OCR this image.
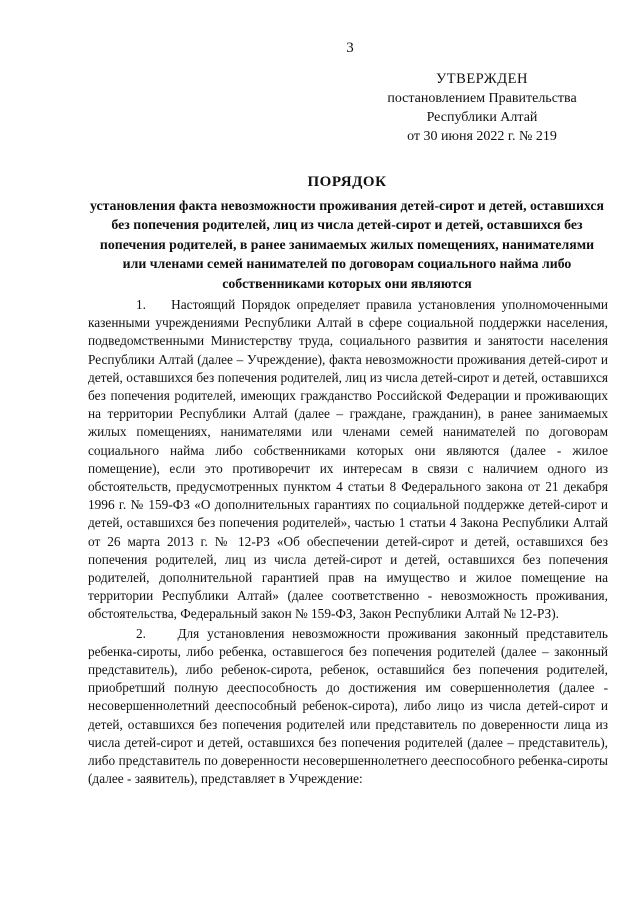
3
УТВЕРЖДЕН
постановлением Правительства
Республики Алтай
от 30 июня 2022 г. № 219
ПОРЯДОК
установления факта невозможности проживания детей-сирот и детей, оставшихся без попечения родителей, лиц из числа детей-сирот и детей, оставшихся без попечения родителей, в ранее занимаемых жилых помещениях, нанимателями или членами семей нанимателей по договорам социального найма либо собственниками которых они являются

1.    Настоящий Порядок определяет правила установления уполномоченными казенными учреждениями Республики Алтай в сфере социальной поддержки населения, подведомственными Министерству труда, социального развития и занятости населения Республики Алтай (далее – Учреждение), факта невозможности проживания детей-сирот и детей, оставшихся без попечения родителей, лиц из числа детей-сирот и детей, оставшихся без попечения родителей, имеющих гражданство Российской Федерации и проживающих на территории Республики Алтай (далее – граждане, гражданин), в ранее занимаемых жилых помещениях, нанимателями или членами семей нанимателей по договорам социального найма либо собственниками которых они являются (далее - жилое помещение), если это противоречит их интересам в связи с наличием одного из обстоятельств, предусмотренных пунктом 4 статьи 8 Федерального закона от 21 декабря 1996 г. № 159-ФЗ «О дополнительных гарантиях по социальной поддержке детей-сирот и детей, оставшихся без попечения родителей», частью 1 статьи 4 Закона Республики Алтай от 26 марта 2013 г. № 12-РЗ «Об обеспечении детей-сирот и детей, оставшихся без попечения родителей, лиц из числа детей-сирот и детей, оставшихся без попечения родителей, дополнительной гарантией прав на имущество и жилое помещение на территории Республики Алтай» (далее соответственно - невозможность проживания, обстоятельства, Федеральный закон № 159-ФЗ, Закон Республики Алтай № 12-РЗ).

2.    Для установления невозможности проживания законный представитель ребенка-сироты, либо ребенка, оставшегося без попечения родителей (далее – законный представитель), либо ребенок-сирота, ребенок, оставшийся без попечения родителей, приобретший полную дееспособность до достижения им совершеннолетия (далее - несовершеннолетний дееспособный ребенок-сирота), либо лицо из числа детей-сирот и детей, оставшихся без попечения родителей или представитель по доверенности лица из числа детей-сирот и детей, оставшихся без попечения родителей (далее – представитель), либо представитель по доверенности несовершеннолетнего дееспособного ребенка-сироты (далее - заявитель), представляет в Учреждение:
